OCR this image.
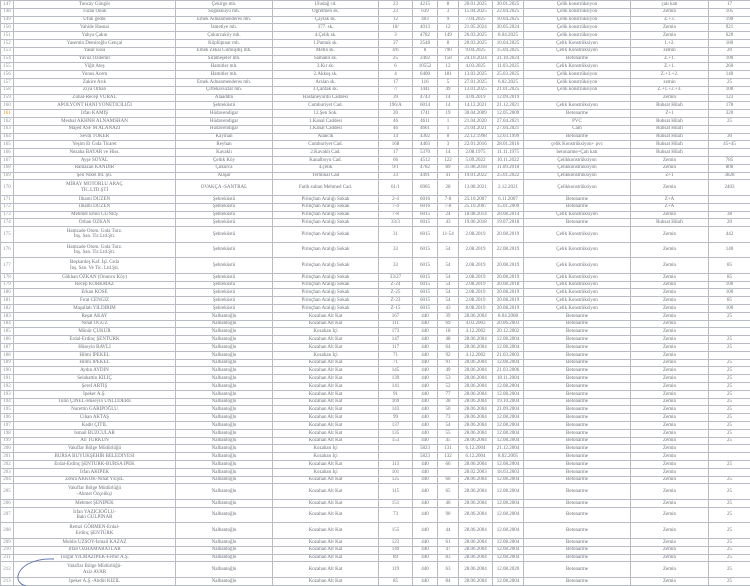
147	Tuncay Güngör	Çekirge mh.	Uludağ cd.	23	4215	8	20.01.2025	30.01.2025	Çelik konstrüksiyon	çatı katı	17
148	Turan Onuk	Soğukkuyu mh.	Öğretmen sk.	23	639	3	15.04.2025	22.04.2025	Çelik konstrüksiyon	Zemin	105
149	Ufuk gedik	Emek Adnanmenderes mh.	Çaylak sk.	12	403	9	7.04.2025	10.04.2025	Çelik konstrüksiyon	Z.+3.	190
150	Vahide Hasnai	İsmetiye mh.	377. sk.	10/	4013	12	21.05.2024	30.05.2024	Çelik konstrüksiyon	Zemin	921
151	Yahya Çakın	Çukurcaköy mh.	4.Çelik sk.	3	4782	149	26.03.2025	8.04.2025	Çelik konstrüksiyon	Zemin	620
152	Yasemin Demiroğlu Gençal	Küplüpınar mh.	1.Pamuk sk.	37	2548	8	20.03.2025	10.04.2025	Çelik Konstrüksiyon	1.+2.	180
153	Yasar Essa	Emek Zekai Gümüşdiş mh.	Metin sk.	4/6	8	790	9.04.2025	15.04.2025	Çelik Konstrüksiyon	zemin	20
154	Yavuz Özdemir	Sırameşeler mh.	Samanlı sk.	25	2402	158	24.10.2024	31.10.2024	Betonarme	Z.+1.	100
155	Yiğit Ateş	Hamitler mh.	3.Kır sk.	6	10552	12	4.03.2025	11.03.2025	Çelik Konstrüksiyon	Z.+1.	260
156	Yunus Acem	Hamitler mh.	2.Akkuş sk.	4	6400	181	13.03.2025	25.03.2025	Çelik konstrüksiyon	Z.+1.+2.	140
157	Zakire Arık	Emek Adnanmenderes mh.	Arslan sk.	17	116	5	27.01.2025	6.02.2025	Çelik konstrüksiyon	zemin	25
158	Ziya Orhan	Çiftehavuzlar mh.	3.Çardak sk.	7/	1441	49	13.01.2025	21.01.2025	Çelik konstrüksiyon	Z.+1.+2.+3.	100
159	Zuhal-Recep VURAL	Alaaddin	Hastaneyurdu Caddesi	39	4743	14	4.09.2019	12.09.2019		Zemin	123
160	APOLYONT HANI YÖNETİCİLİĞİ	Şehreküstü	Cumhuriyet Cad.	196/A	6014	14	14.12.2021	21.12.2021	Çelik Konstrüksiyon	Ruhsat Hilafı	178
161	İrfan KAMIŞ	Hüdavendigar	12.Şen Sok.	20	1741	19	30.04.2009	12.05.2009	Betonarme	Z+1	320
162	Meshal AKHNH ALNAMSHAN	Hüdavendigar	1.Kanal Caddesi	46	4611	1	21.04.2020	27.04.2021	PVC	Ruhsat Hilafı	25
163	Majed ASF M ALANAZI	Hüdavendigar	1.Kanal Caddesi	46	4661	1	21.04.2021	27.04.2021	Cam	Ruhsat Hilafı	
164	Sevdi TOKER	Kayıhan	Alancık	14	4302	8	22.12.1998	12.03.1999	Betonarme	Ruhsat Hilafı	30
165	Yeşim Et Gıda Ticaret	Reyhan	Cumhuriyet Cad.	168	4403	3	22.01.2016	28.01.2016	çelik Konstrüksiyon+ pvc	Ruhsat Hilafı	45+45
166	Nezaha BAYAR ve Hiss.	Kavaklı	2.Kavaklı Cad.	17	5370	14	2.08.1975	11.11.1975	betonarme+Çatı katı	Ruhsat Hilafı	
167	Ayşe SOYAL	Çeltik Köy	Kanalboyu Cad.	66	4512	122	5.09.2022	10.11.2022	Çelikkonstrüksiyon	Zemin	785
168	Ramazan KANDIR	Çukurca	4.çelik	9/1	4782	89	31.08.2018	11.09.2018	Çelikkonstrüksiyon	Zemin	800
169	Şen Nikel ltd. Şti.	Alaşar	Terminal Cad	33	4491	41	19.01.2022	25.01.2022	Çelikkonstrüksiyon	Z+1	3828
170	MİRAY MOTORLU ARAÇ
TİC.LTD.ŞTİ	OVAKÇA -SANTRAL	Fatih sultan Mehmed Cad.	61/1	6905	28	13.08.2021	2.12.2021	Çelikkonstrüksiyon	Zemin	2403
171	İlhami DÜZEN	Şehreküstü	Pirinçhan Aralığı Sokak	2-4	6016	7-8	25.10.2007	6.11.2007	Betonarme	Z+A	
172	İlhami DÜZEN	Şehreküstü	Pirinçhan Aralığı Sokak	7-4	6016	7-8	25.10.2007	15.01.2009	Betonarme	Z+A	
173	Mehmet Emin GÜNEŞ	Şehreküstü	Pirinçhan Aralığı Sokak	7-8	6015	24	18.08.2014	28.08.2014	Çelik Konstrüksiyon	Zemin	38
174	Orhan ÖZKAN	Şehreküstü	Pirinçhan Aralığı Sokak	33/3	6015	43	19.06.2018	19.07.2018	Betonarme	Ruhsat Hilafı	20
175	Hamzade Otom. Gıda Turz.
İnş. San. Tic.Ltd.Şti.	Şehreküstü	Pirinçhan Aralığı Sokak	31	6015	11-54	2.08.2019	20.08.2019	Çelik Konstrüksiyon	Zemin	442
176	Hamzade Otom. Gıda Turz.
İnş. San. Tic.Ltd.Şti.	Şehreküstü	Pirinçhan Aralığı Sokak	33	6015	54	2.08.2019	22.08.2019	Çelik Konstrüksiyon	Zemin	140
177	Beşkardeş Kaf. İşl. Gıda
İnş. San. Ve Tic. Ltd.Şti.	Şehreküstü	Pirinçhan Aralığı Sokak	33	6015	54	2.08.2019	20.08.2019	Çelik Konstrüksiyon	Zemin	85
178	Gökhan ÖZKAN (Onuncu Köy)	Şehreküstü	Pirinçhan Aralığı Sokak	33/27	6015	54	2.08.2019	20.08.2019	Çelik Konstrüksiyon	Zemin	85
179	Recep KORKMAZ	Şehreküstü	Pirinçhan Aralığı Sokak	Z-24	6015	54	2.08.2019	20.08.2018	Çelik Konstrüksiyon	Zemin	100
180	Erkan KÖSE	Şehreküstü	Pirinçhan Aralığı Sokak	Z-25	6015	54	2.08.2019	20.08.2019	Çelik Konstrüksiyon	Zemin	100
181	Fırat CENGİZ	Şehreküstü	Pirinçhan Aralığı Sokak	Z-23	6015	54	2.08.2019	20.08.2019	Çelik Konstrüksiyon	Zemin	85
182	Maşallah YILDIRIM	Şehreküstü	Pirinçhan Aralığı Sokak	Z-15	6015	43	8.08.2019	20.08.2019	Çelik Konstrüksiyon	Zemin	100
183	Reşat AKAY	Nalbantoğlu	Kozahan Alt Kat	167	440	39	28.06.2004	8.04.2008	Betonarme	Zemin	25
184	Nihat OĞUZ	Nalbantoğlu	Kozahan Alt Kat	111	440	69	4.03.2003	20.06.2003	Betonarme	Zemin	
185	Münür ÇUKUR	Nalbantoğlu	Kozahan İçi	173	440	18	4.12.2002	20.12.2002	Betonarme	Zemin	
186	Erdal-Erdinç ŞENTÜRK	Nalbantoğlu	Kozahan Alt Kat	147	440	48	28.06.2004	12.08.2004	Betonarme	Zemin	25
187	Hüseyin BAVLI	Nalbantoğlu	Kozahan Alt Kat	117	440	64	28.06.2004	12.08.2004	Betonarme	Zemin	25
188	Hilmi İPEKEL	Nalbantoğlu	Kozahan İçi	71	440	92	4.12.2002	21.03.2003	Betonarme	Zemin	
189	Hilmi İPEKEL	Nalbantoğlu	Kozahan Alt Kat	71	440	91	28.06.2004	12.08.2004	Betonarme	Zemin	25
190	Aydın AYDIN	Nalbantoğlu	Kozahan Alt Kat	145	440	49	28.06.2004	21.03.2006	Betonarme	Zemin	25
191	Selahattin KILIÇ	Nalbantoğlu	Kozahan Alt Kat	139	440	53	28.06.2004	18.11.2004	Betonarme	Zemin	25
192	Şeref ARTIŞ	Nalbantoğlu	Kozahan Alt Kat	141	440	52	28.06.2004	12.08.2004	Betonarme	Zemin	25
193	İpeker A.Ş.	Nalbantoğlu	Kozahan Alt Kat	91	440	77	28.06.2004	12.08.2004	Betonarme	Zemin	25
194	Tülin ÇİNEL-Hüseyin ÜNLÜDERE	Nalbantoğlu	Kozahan Alt Kat	169	440	38	28.06.2004	19.10.2004	Betonarme	Zemin	25
195	Nurettin GARİPOĞLU	Nalbantoğlu	Kozahan Alt Kat	143	440	50	28.06.2004	21.09.2004	Betonarme	Zemin	25
196	Cihan AKTAŞ	Nalbantoğlu	Kozahan Alt Kat	99	440	73	28.06.2004	12.08.2004	Betonarme	Zemin	25
197	Kadir ÇİTİL	Nalbantoğlu	Kozahan Alt Kat	137	440	54	28.06.2004	12.08.2004	Betonarme	Zemin	25
198	İsmail BUZCULAR	Nalbantoğlu	Kozahan Alt Kat	135	440	55	28.06.2004	12.08.2004	Betonarme	Zemin	25
199	Ali TÜRKÜN	Nalbantoğlu	Kozahan Alt Kat	153	440	45	28.06.2004	12.08.2004	Betonarme	Zemin	25
200	Vakıflar Bölge Müdürlüğü	Nalbantoğlu	Kozahan İçi		5823	131	6.12.2004	21.12.2004	Betonarme	Zemin	
201	BURSA BÜYÜKŞEHİR BELEDİYESİ	Nalbantoğlu	Kozahan İçi		5823	132	6.12.2004	8.02.2005	Betonarme	Zemin	
202	Erdal-Erdinç ŞENTÜRK-BURSA İPEK	Nalbantoğlu	Kozahan Alt Kat	113	440	66	28.06.2004	12.08.2004	Betonarme	Zemin	25
203	İrfan AKİPEK	Nalbantoğlu	Kozahan İçi	101	440		28.02.2003	18.03.2003	Betonarme	Zemin	
204	Zehra AKKÖK-Nihat YEŞİL	Nalbantoğlu	Kozahan Alt Kat	125	440	60	28.06.2004	12.08.2004	Betonarme	Zemin	25
205	Vakıflar Bölge Müdürlüğü
-Ahmet Özçelikçi	Nalbantoğlu	Kozahan Alt Kat	115	440	65	28.06.2004	12.08.2004	Betonarme	Zemin	25
206	Mehmet ŞENİPEK	Nalbantoğlu	Kozahan Alt Kat	151	440	46	28.06.2004	12.08.2004	Betonarme	Zemin	25
207	İrfan YAZICIOĞLU-
Baki GÜLPINAR	Nalbantoğlu	Kozahan Alt Kat	73	440	90	28.06.2004	12.08.2004	Betonarme	Zemin	25
208	Remzi GÖRMEN-Erdal-
Erdinç ŞENTÜRK	Nalbantoğlu	Kozahan Alt Kat	155	440	44	28.06.2004	12.08.2004	Betonarme	Zemin	25
209	Muhlis UZSOY-İsmail KAZAZ	Nalbantoğlu	Kozahan Alt Kat	123	440	61	28.06.2004	12.08.2004	Betonarme	Zemin	25
210	İrfan ÖZHAMARATLAR	Nalbantoğlu	Kozahan Alt Kat	149	440	47	28.06.2004	12.08.2004	Betonarme	Zemin	25
211	Turgut YILMAZİPEK-Fertur A.Ş.	Nalbantoğlu	Kozahan Alt Kat	89	440	83	28.06.2004	12.08.2004	Betonarme	Zemin	25
212	Vakıflar Bölge Müdürlüğü-
Aziz AVAR	Nalbantoğlu	Kozahan Alt Kat	119	440	63	28.06.2004	12.08.2020	Betonarme	Zemin	25
213	İpeker A.Ş.-Abdül KIZIL	Nalbantoğlu	Kozahan Alt Kat	85	440	84	28.06.2004	12.08.2004	Betonarme	Zemin	25
